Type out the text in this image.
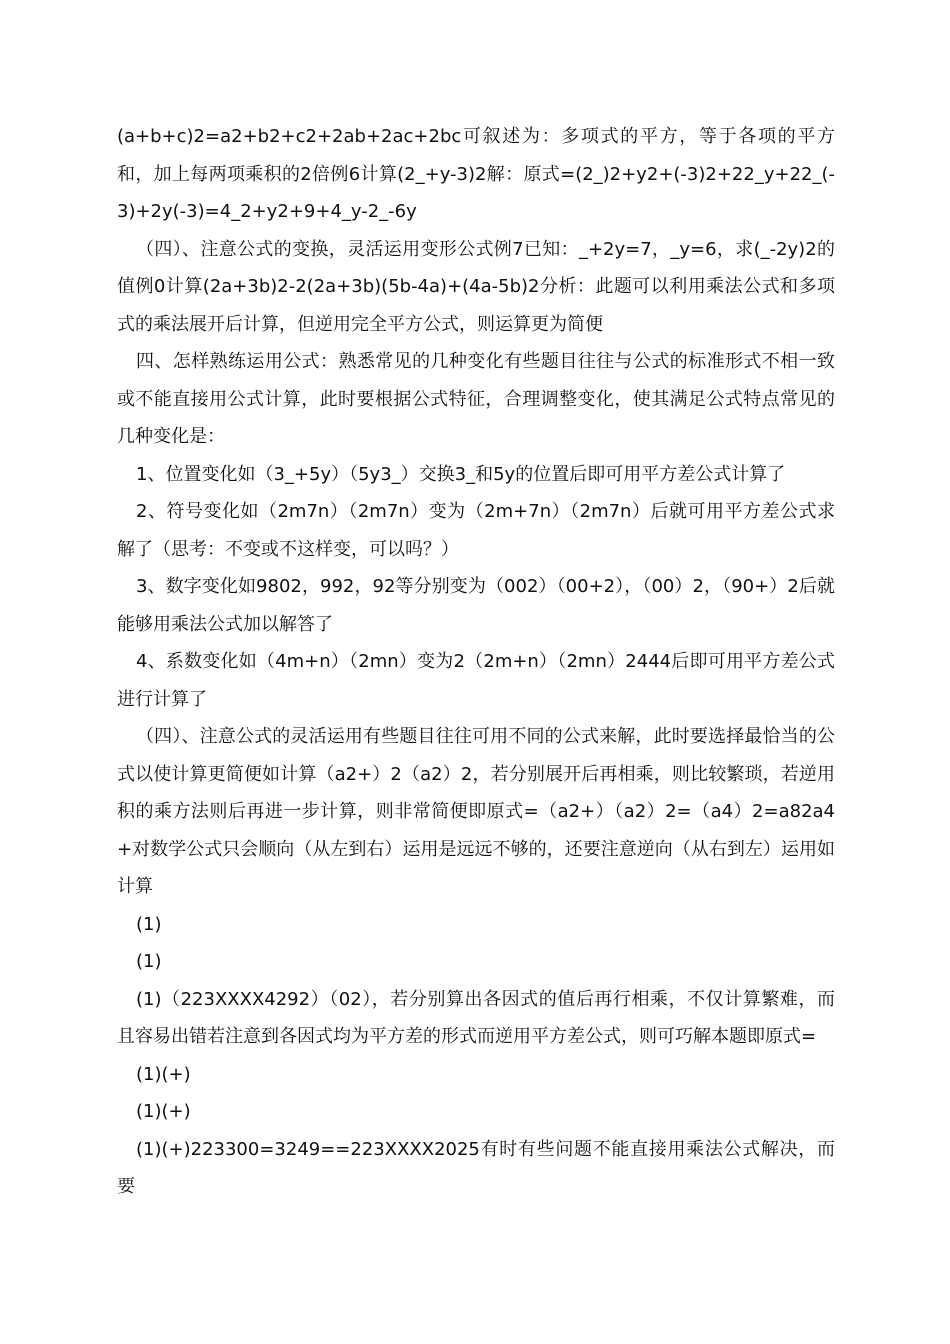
(a+b+c)2=a2+b2+c2+2ab+2ac+2bc可叙述为：多项式的平方，等于各项的平方和，加上每两项乘积的2倍例6计算(2_+y-3)2解：原式=(2_)2+y2+(-3)2+22_y+22_(-3)+2y(-3)=4_2+y2+9+4_y-2_-6y

（四）、注意公式的变换，灵活运用变形公式例7已知：_+2y=7，_y=6，求(_-2y)2的值例0计算(2a+3b)2-2(2a+3b)(5b-4a)+(4a-5b)2分析：此题可以利用乘法公式和多项式的乘法展开后计算，但逆用完全平方公式，则运算更为简便

四、怎样熟练运用公式：熟悉常见的几种变化有些题目往往与公式的标准形式不相一致或不能直接用公式计算，此时要根据公式特征，合理调整变化，使其满足公式特点常见的几种变化是：

1、位置变化如（3_+5y）（5y3_）交换3_和5y的位置后即可用平方差公式计算了

2、符号变化如（2m7n）（2m7n）变为（2m+7n）（2m7n）后就可用平方差公式求解了（思考：不变或不这样变，可以吗？）

3、数字变化如9802，992，92等分别变为（002）（00+2），（00）2，（90+）2后就能够用乘法公式加以解答了

4、系数变化如（4m+n）（2mn）变为2（2m+n）（2mn）2444后即可用平方差公式进行计算了

（四）、注意公式的灵活运用有些题目往往可用不同的公式来解，此时要选择最恰当的公式以使计算更简便如计算（a2+）2（a2）2，若分别展开后再相乘，则比较繁琐，若逆用积的乘方法则后再进一步计算，则非常简便即原式=（a2+）（a2）2=（a4）2=a82a4+对数学公式只会顺向（从左到右）运用是远远不够的，还要注意逆向（从右到左）运用如计算

(1)

(1)

(1)（223XXXX4292）（02），若分别算出各因式的值后再行相乘，不仅计算繁难，而且容易出错若注意到各因式均为平方差的形式而逆用平方差公式，则可巧解本题即原式=

(1)(+)

(1)(+)

(1)(+)223300=3249==223XXXX2025有时有些问题不能直接用乘法公式解决，而要
